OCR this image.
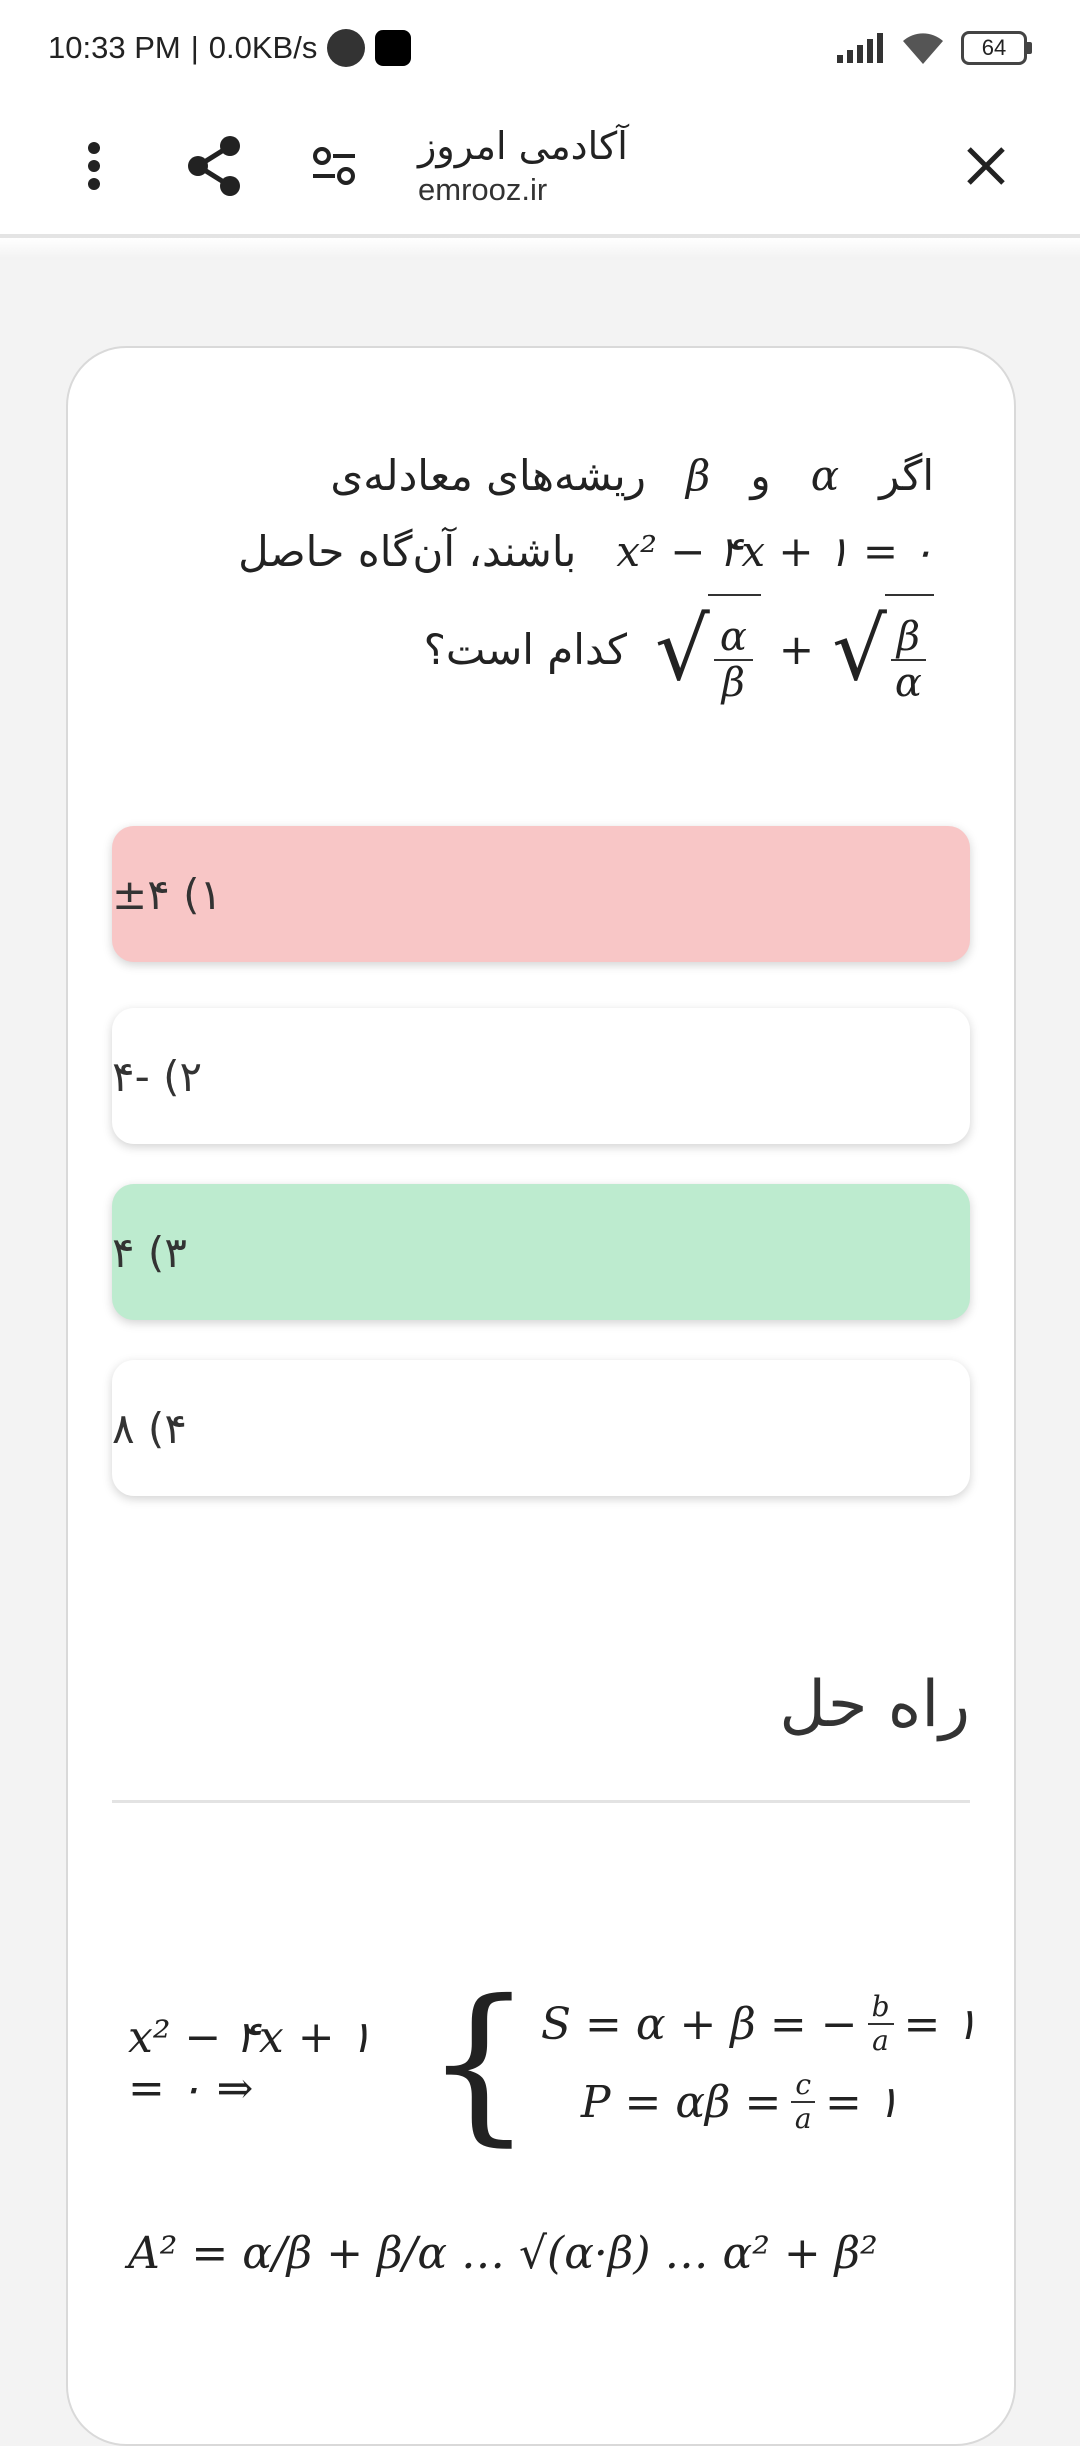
10:33 PM | 0.0KB/s	64
آکادمی امروز
emrooz.ir
اگر   α   و   β   ریشه‌های معادله‌ی
x² − ۴x + ۱ = ۰   باشند، آن‌گاه حاصل
√ $\frac{\alpha}{\beta}$ + √ $\frac{\beta}{\alpha}$
کدام است؟
۱) ±۴
۲) -۴
۳) ۴
۴) ۸
راه حل
x² − ۴x + ۱ = ۰ ⇒	{ S = α + β = − $\frac{b}{a}$ = ۱
$P = \alpha\beta = \frac{c}{a}$ = ۱
A² = α/β + β/α … √(α·β) … α² + β²
